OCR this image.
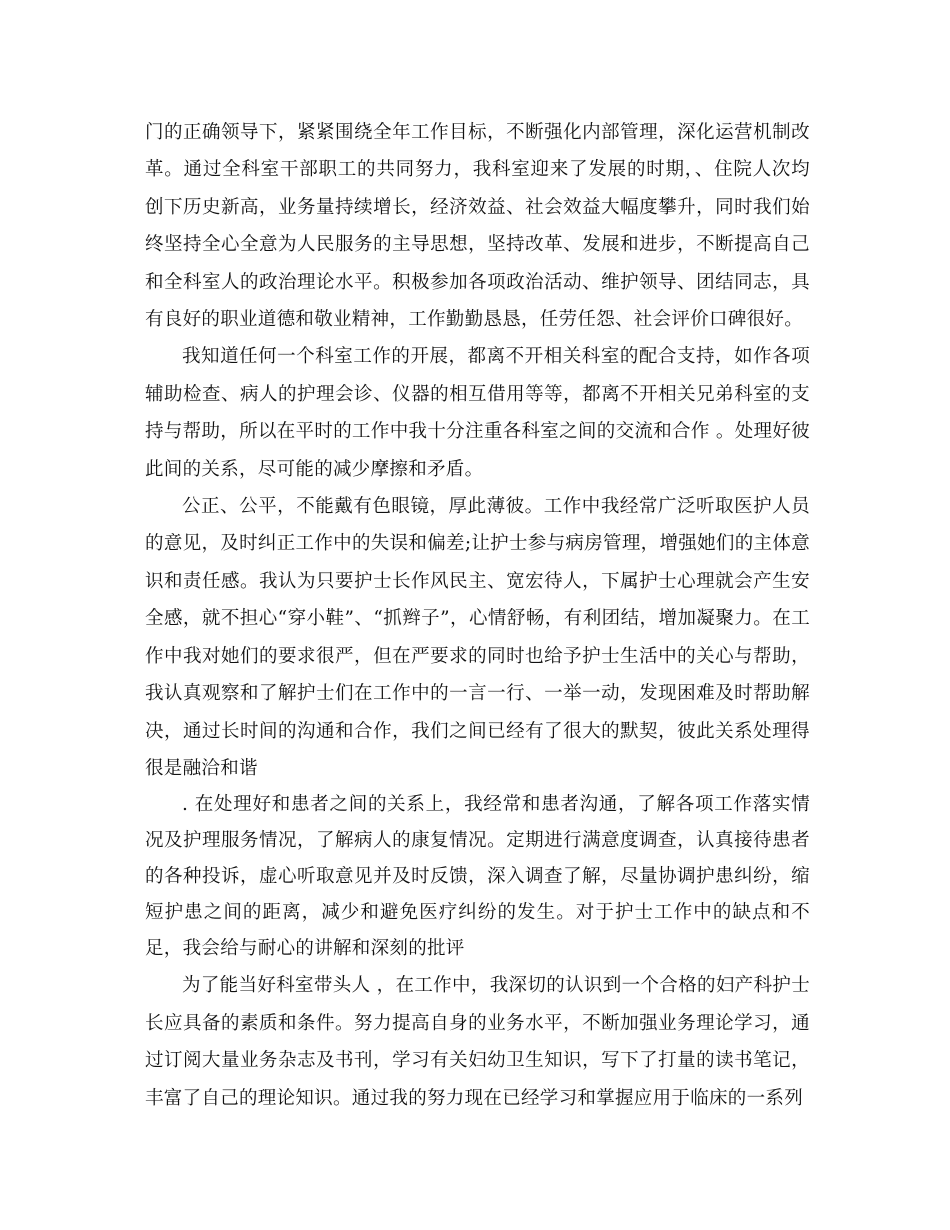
门的正确领导下，紧紧围绕全年工作目标，不断强化内部管理，深化运营机制改革。通过全科室干部职工的共同努力，我科室迎来了发展的时期，、住院人次均创下历史新高，业务量持续增长，经济效益、社会效益大幅度攀升，同时我们始终坚持全心全意为人民服务的主导思想，坚持改革、发展和进步，不断提高自己和全科室人的政治理论水平。积极参加各项政治活动、维护领导、团结同志，具有良好的职业道德和敬业精神，工作勤勤恳恳，任劳任怨、社会评价口碑很好。

我知道任何一个科室工作的开展，都离不开相关科室的配合支持，如作各项辅助检查、病人的护理会诊、仪器的相互借用等等，都离不开相关兄弟科室的支持与帮助，所以在平时的工作中我十分注重各科室之间的交流和合作 。处理好彼此间的关系，尽可能的减少摩擦和矛盾。

公正、公平，不能戴有色眼镜，厚此薄彼。工作中我经常广泛听取医护人员的意见，及时纠正工作中的失误和偏差;让护士参与病房管理，增强她们的主体意识和责任感。我认为只要护士长作风民主、宽宏待人，下属护士心理就会产生安全感，就不担心“穿小鞋”、“抓辫子”，心情舒畅，有利团结，增加凝聚力。在工作中我对她们的要求很严，但在严要求的同时也给予护士生活中的关心与帮助，我认真观察和了解护士们在工作中的一言一行、一举一动，发现困难及时帮助解决，通过长时间的沟通和合作，我们之间已经有了很大的默契，彼此关系处理得很是融洽和谐

. 在处理好和患者之间的关系上，我经常和患者沟通，了解各项工作落实情况及护理服务情况，了解病人的康复情况。定期进行满意度调查，认真接待患者的各种投诉，虚心听取意见并及时反馈，深入调查了解，尽量协调护患纠纷，缩短护患之间的距离，减少和避免医疗纠纷的发生。对于护士工作中的缺点和不足，我会给与耐心的讲解和深刻的批评

为了能当好科室带头人 ，在工作中，我深切的认识到一个合格的妇产科护士长应具备的素质和条件。努力提高自身的业务水平，不断加强业务理论学习，通过订阅大量业务杂志及书刊，学习有关妇幼卫生知识，写下了打量的读书笔记，丰富了自己的理论知识。通过我的努力现在已经学习和掌握应用于临床的一系列
